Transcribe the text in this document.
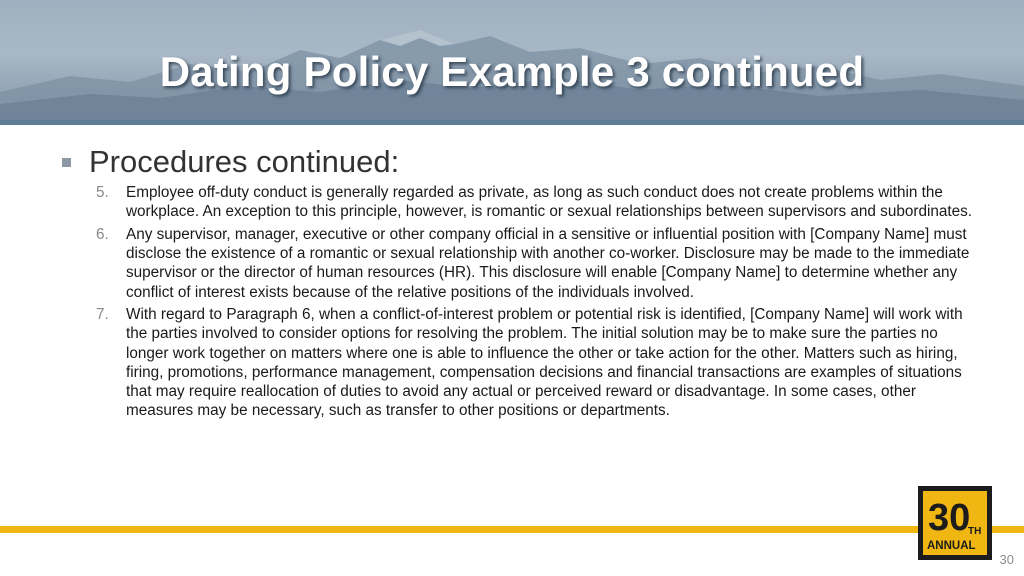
Dating Policy Example 3 continued
Procedures continued:
5.	Employee off-duty conduct is generally regarded as private, as long as such conduct does not create problems within the workplace. An exception to this principle, however, is romantic or sexual relationships between supervisors and subordinates.
6.	Any supervisor, manager, executive or other company official in a sensitive or influential position with [Company Name] must disclose the existence of a romantic or sexual relationship with another co-worker. Disclosure may be made to the immediate supervisor or the director of human resources (HR). This disclosure will enable [Company Name] to determine whether any conflict of interest exists because of the relative positions of the individuals involved.
7.	With regard to Paragraph 6, when a conflict-of-interest problem or potential risk is identified, [Company Name] will work with the parties involved to consider options for resolving the problem. The initial solution may be to make sure the parties no longer work together on matters where one is able to influence the other or take action for the other. Matters such as hiring, firing, promotions, performance management, compensation decisions and financial transactions are examples of situations that may require reallocation of duties to avoid any actual or perceived reward or disadvantage. In some cases, other measures may be necessary, such as transfer to other positions or departments.
30
TH
ANNUAL
30
